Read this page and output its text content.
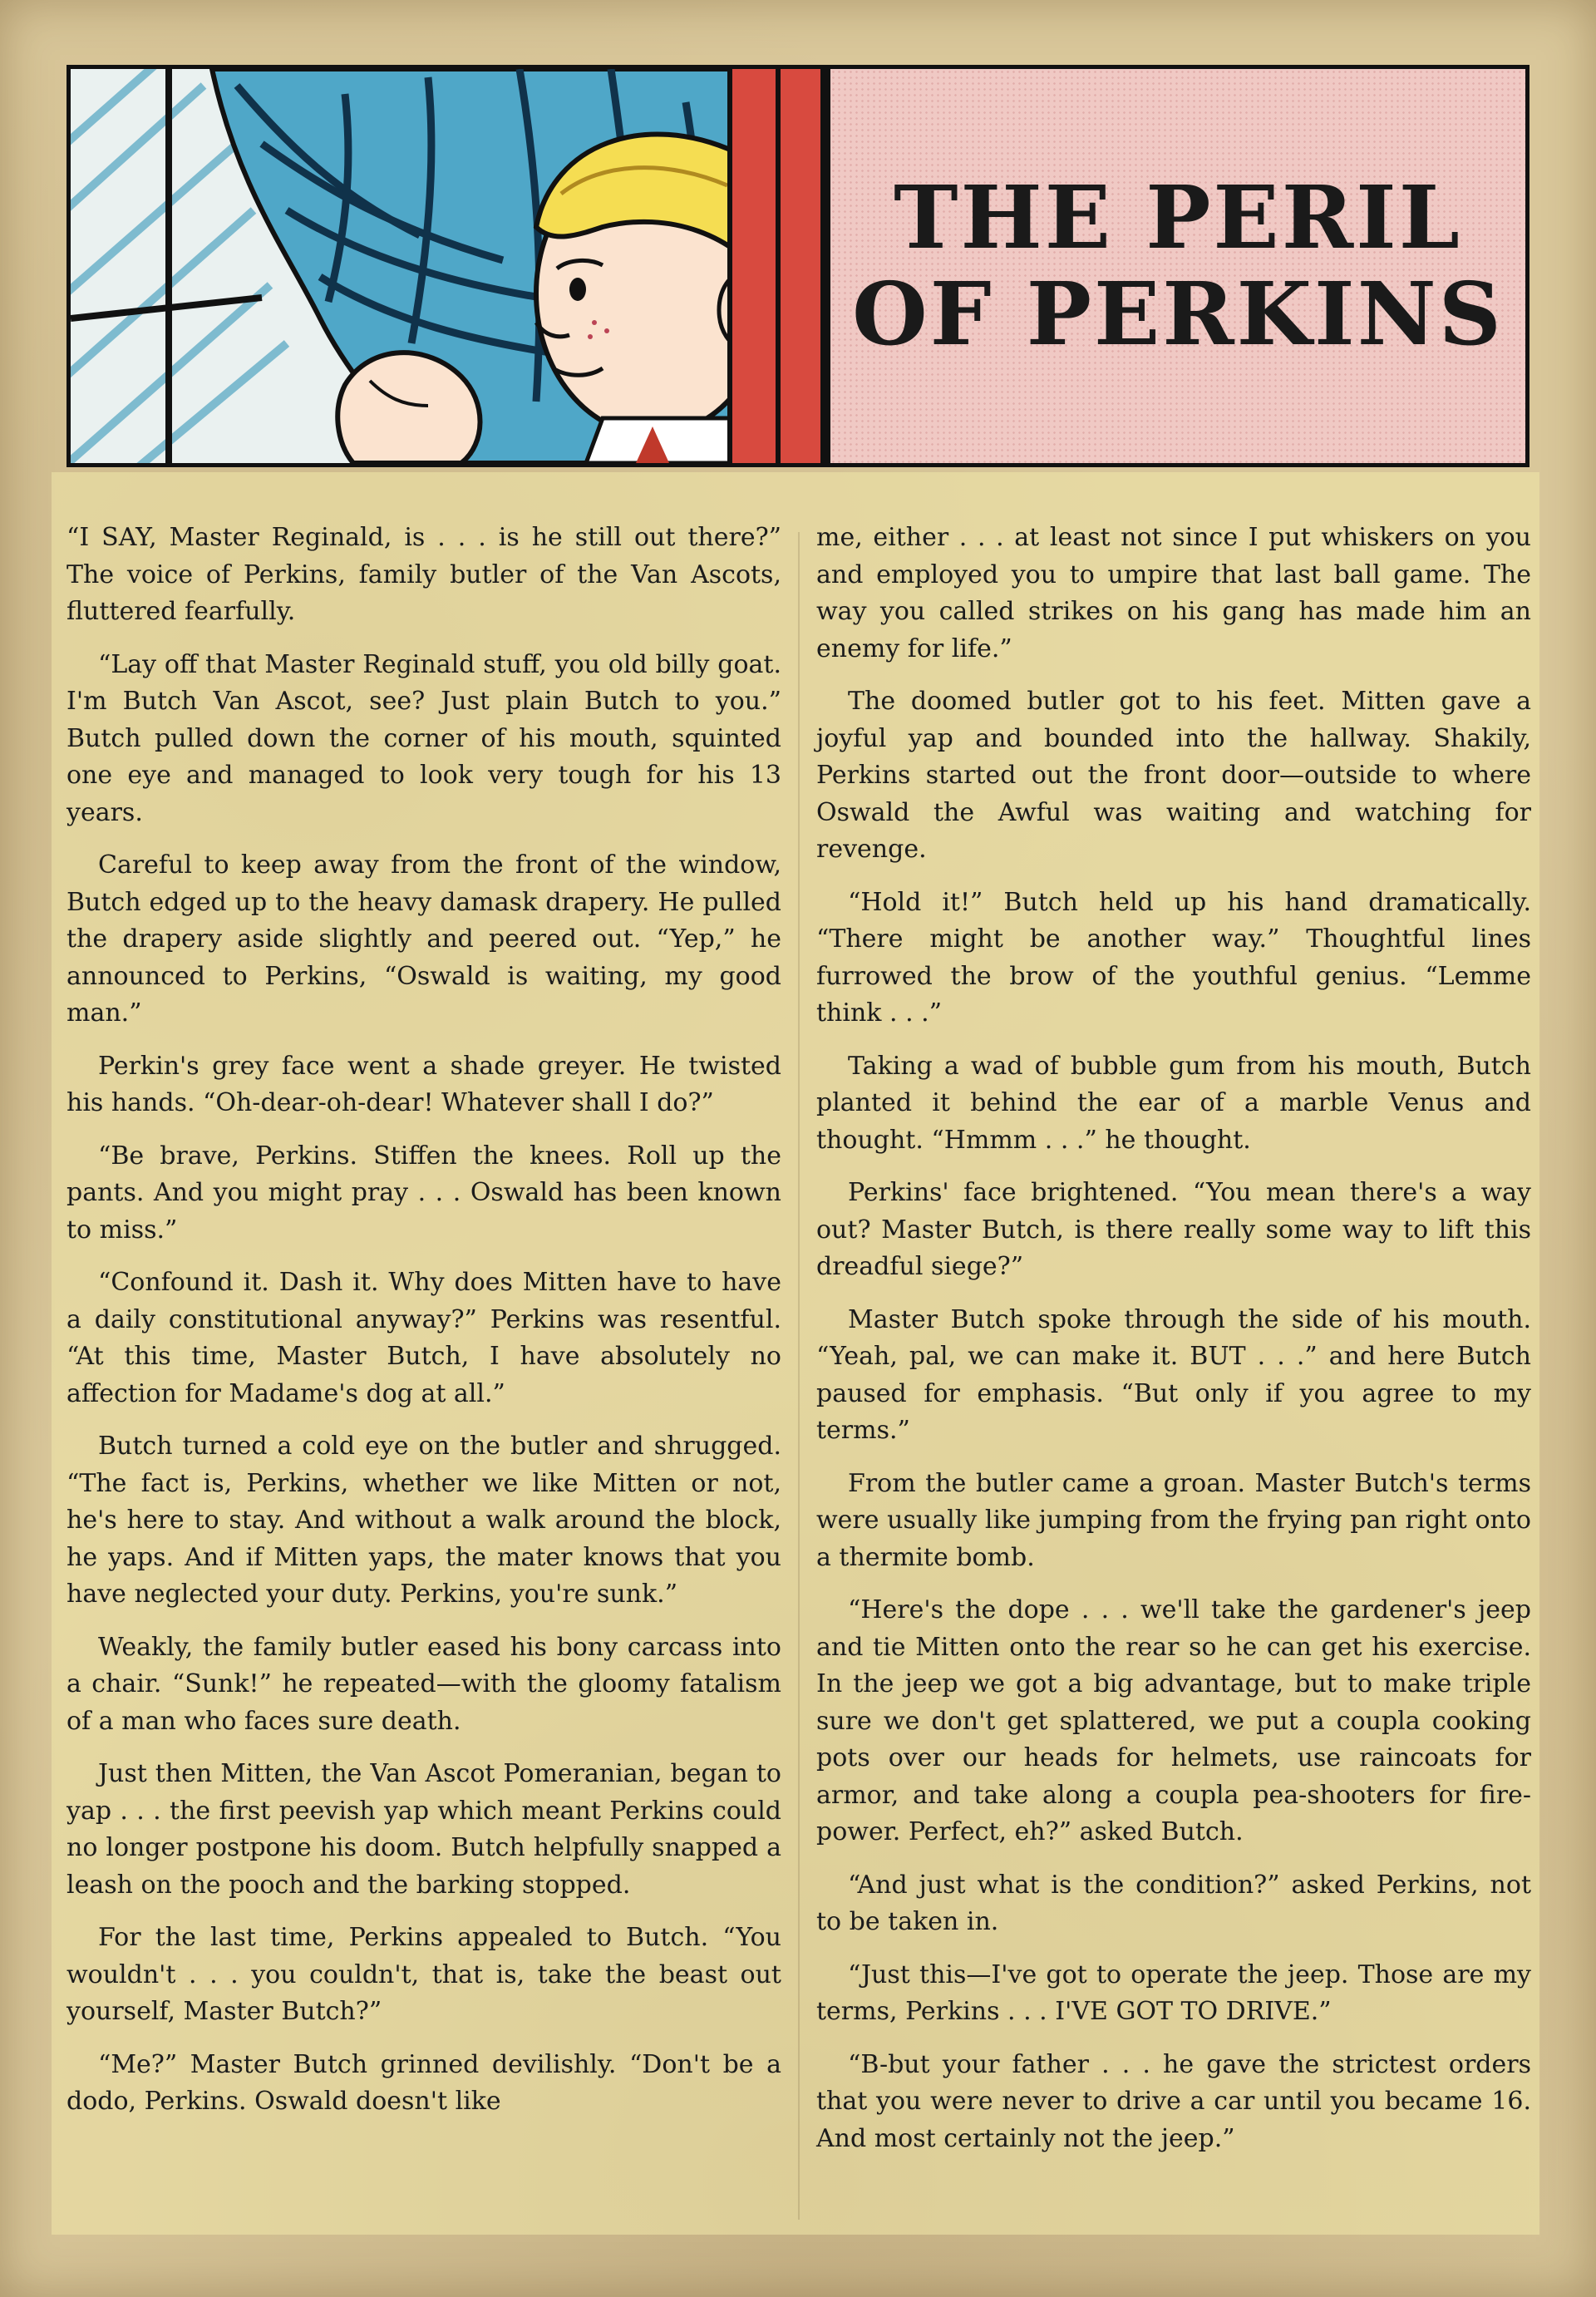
THE PERIL
OF PERKINS

“I SAY, Master Reginald, is . . . is he still out there?” The voice of Perkins, family butler of the Van Ascots, fluttered fearfully.

“Lay off that Master Reginald stuff, you old billy goat. I'm Butch Van Ascot, see? Just plain Butch to you.” Butch pulled down the corner of his mouth, squinted one eye and managed to look very tough for his 13 years.

Careful to keep away from the front of the window, Butch edged up to the heavy damask drapery. He pulled the drapery aside slightly and peered out. “Yep,” he announced to Perkins, “Oswald is waiting, my good man.”

Perkin's grey face went a shade greyer. He twisted his hands. “Oh-dear-oh-dear! Whatever shall I do?”

“Be brave, Perkins. Stiffen the knees. Roll up the pants. And you might pray . . . Oswald has been known to miss.”

“Confound it. Dash it. Why does Mitten have to have a daily constitutional anyway?” Perkins was resentful. “At this time, Master Butch, I have absolutely no affection for Madame's dog at all.”

Butch turned a cold eye on the butler and shrugged. “The fact is, Perkins, whether we like Mitten or not, he's here to stay. And without a walk around the block, he yaps. And if Mitten yaps, the mater knows that you have neglected your duty. Perkins, you're sunk.”

Weakly, the family butler eased his bony carcass into a chair. “Sunk!” he repeated—with the gloomy fatalism of a man who faces sure death.

Just then Mitten, the Van Ascot Pomeranian, began to yap . . . the first peevish yap which meant Perkins could no longer postpone his doom. Butch helpfully snapped a leash on the pooch and the barking stopped.

For the last time, Perkins appealed to Butch. “You wouldn't . . . you couldn't, that is, take the beast out yourself, Master Butch?”

“Me?” Master Butch grinned devilishly. “Don't be a dodo, Perkins. Oswald doesn't like

me, either . . . at least not since I put whiskers on you and employed you to umpire that last ball game. The way you called strikes on his gang has made him an enemy for life.”

The doomed butler got to his feet. Mitten gave a joyful yap and bounded into the hallway. Shakily, Perkins started out the front door—outside to where Oswald the Awful was waiting and watching for revenge.

“Hold it!” Butch held up his hand dramatically. “There might be another way.” Thoughtful lines furrowed the brow of the youthful genius. “Lemme think . . .”

Taking a wad of bubble gum from his mouth, Butch planted it behind the ear of a marble Venus and thought. “Hmmm . . .” he thought.

Perkins' face brightened. “You mean there's a way out? Master Butch, is there really some way to lift this dreadful siege?”

Master Butch spoke through the side of his mouth. “Yeah, pal, we can make it. BUT . . .” and here Butch paused for emphasis. “But only if you agree to my terms.”

From the butler came a groan. Master Butch's terms were usually like jumping from the frying pan right onto a thermite bomb.

“Here's the dope . . . we'll take the gardener's jeep and tie Mitten onto the rear so he can get his exercise. In the jeep we got a big advantage, but to make triple sure we don't get splattered, we put a coupla cooking pots over our heads for helmets, use raincoats for armor, and take along a coupla pea-shooters for fire-power. Perfect, eh?” asked Butch.

“And just what is the condition?” asked Perkins, not to be taken in.

“Just this—I've got to operate the jeep. Those are my terms, Perkins . . . I'VE GOT TO DRIVE.”

“B-but your father . . . he gave the strictest orders that you were never to drive a car until you became 16. And most certainly not the jeep.”
